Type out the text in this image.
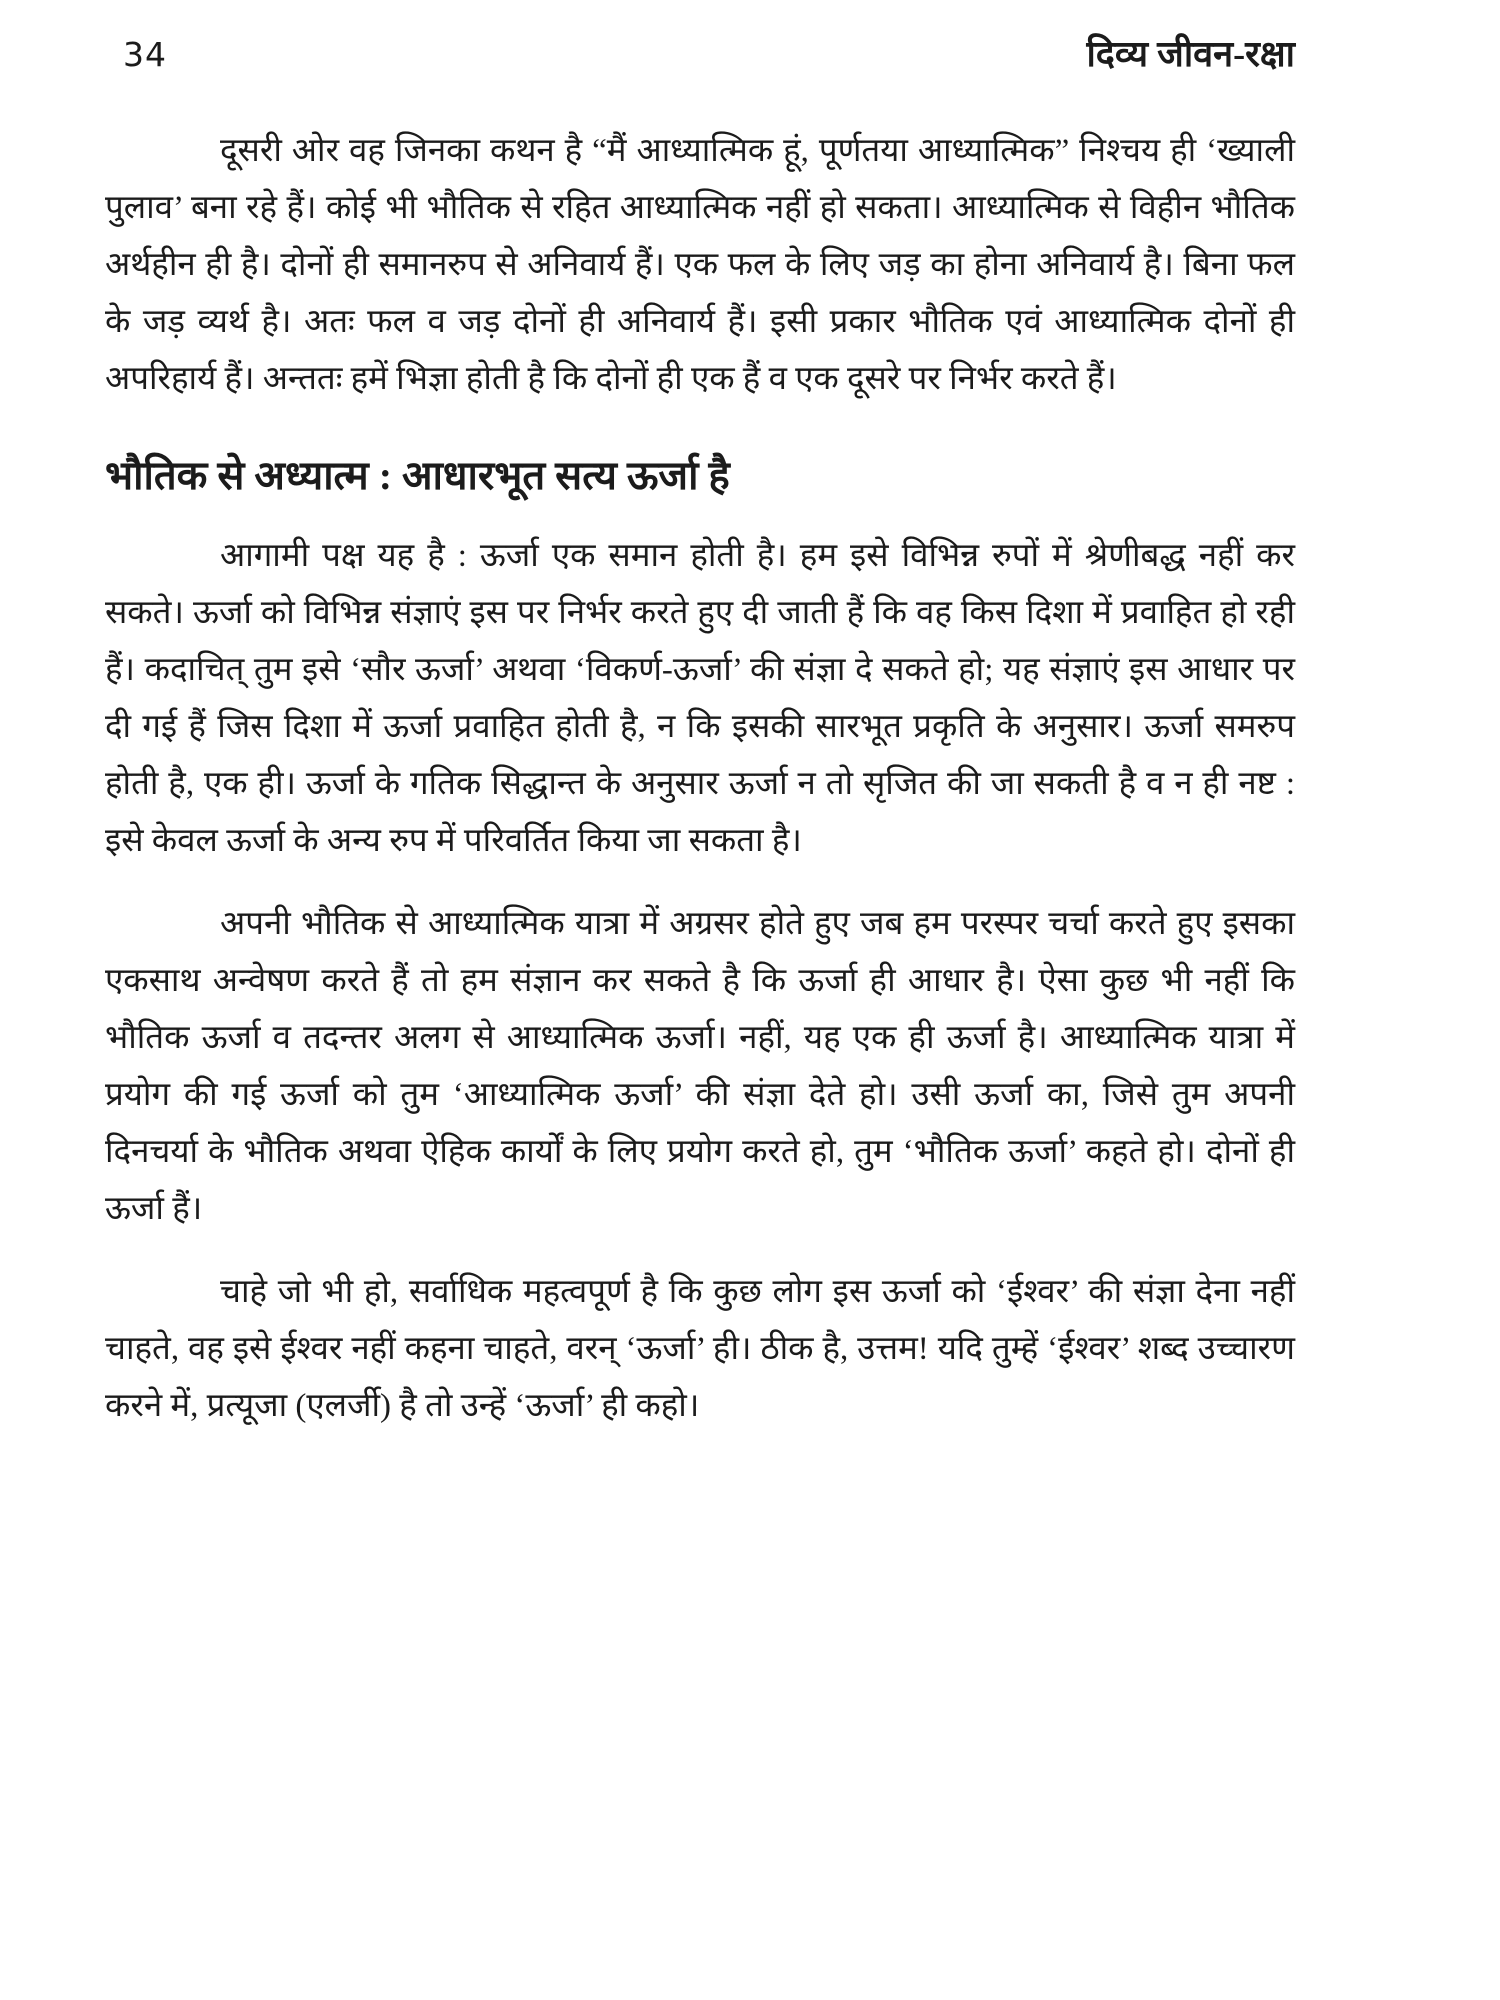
34	दिव्य जीवन-रक्षा

दूसरी ओर वह जिनका कथन है “मैं आध्यात्मिक हूं, पूर्णतया आध्यात्मिक” निश्चय ही ‘ख्याली पुलाव’ बना रहे हैं। कोई भी भौतिक से रहित आध्यात्मिक नहीं हो सकता। आध्यात्मिक से विहीन भौतिक अर्थहीन ही है। दोनों ही समानरुप से अनिवार्य हैं। एक फल के लिए जड़ का होना अनिवार्य है। बिना फल के जड़ व्यर्थ है। अतः फल व जड़ दोनों ही अनिवार्य हैं। इसी प्रकार भौतिक एवं आध्यात्मिक दोनों ही अपरिहार्य हैं। अन्ततः हमें भिज्ञा होती है कि दोनों ही एक हैं व एक दूसरे पर निर्भर करते हैं।

भौतिक से अध्यात्म : आधारभूत सत्य ऊर्जा है

आगामी पक्ष यह है : ऊर्जा एक समान होती है। हम इसे विभिन्न रुपों में श्रेणीबद्ध नहीं कर सकते। ऊर्जा को विभिन्न संज्ञाएं इस पर निर्भर करते हुए दी जाती हैं कि वह किस दिशा में प्रवाहित हो रही हैं। कदाचित् तुम इसे ‘सौर ऊर्जा’ अथवा ‘विकर्ण-ऊर्जा’ की संज्ञा दे सकते हो; यह संज्ञाएं इस आधार पर दी गई हैं जिस दिशा में ऊर्जा प्रवाहित होती है, न कि इसकी सारभूत प्रकृति के अनुसार। ऊर्जा समरुप होती है, एक ही। ऊर्जा के गतिक सिद्धान्त के अनुसार ऊर्जा न तो सृजित की जा सकती है व न ही नष्ट : इसे केवल ऊर्जा के अन्य रुप में परिवर्तित किया जा सकता है।

अपनी भौतिक से आध्यात्मिक यात्रा में अग्रसर होते हुए जब हम परस्पर चर्चा करते हुए इसका एकसाथ अन्वेषण करते हैं तो हम संज्ञान कर सकते है कि ऊर्जा ही आधार है। ऐसा कुछ भी नहीं कि भौतिक ऊर्जा व तदन्तर अलग से आध्यात्मिक ऊर्जा। नहीं, यह एक ही ऊर्जा है। आध्यात्मिक यात्रा में प्रयोग की गई ऊर्जा को तुम ‘आध्यात्मिक ऊर्जा’ की संज्ञा देते हो। उसी ऊर्जा का, जिसे तुम अपनी दिनचर्या के भौतिक अथवा ऐहिक कार्यों के लिए प्रयोग करते हो, तुम ‘भौतिक ऊर्जा’ कहते हो। दोनों ही ऊर्जा हैं।

चाहे जो भी हो, सर्वाधिक महत्वपूर्ण है कि कुछ लोग इस ऊर्जा को ‘ईश्वर’ की संज्ञा देना नहीं चाहते, वह इसे ईश्वर नहीं कहना चाहते, वरन् ‘ऊर्जा’ ही। ठीक है, उत्तम! यदि तुम्हें ‘ईश्वर’ शब्द उच्चारण करने में, प्रत्यूजा (एलर्जी) है तो उन्हें ‘ऊर्जा’ ही कहो।
